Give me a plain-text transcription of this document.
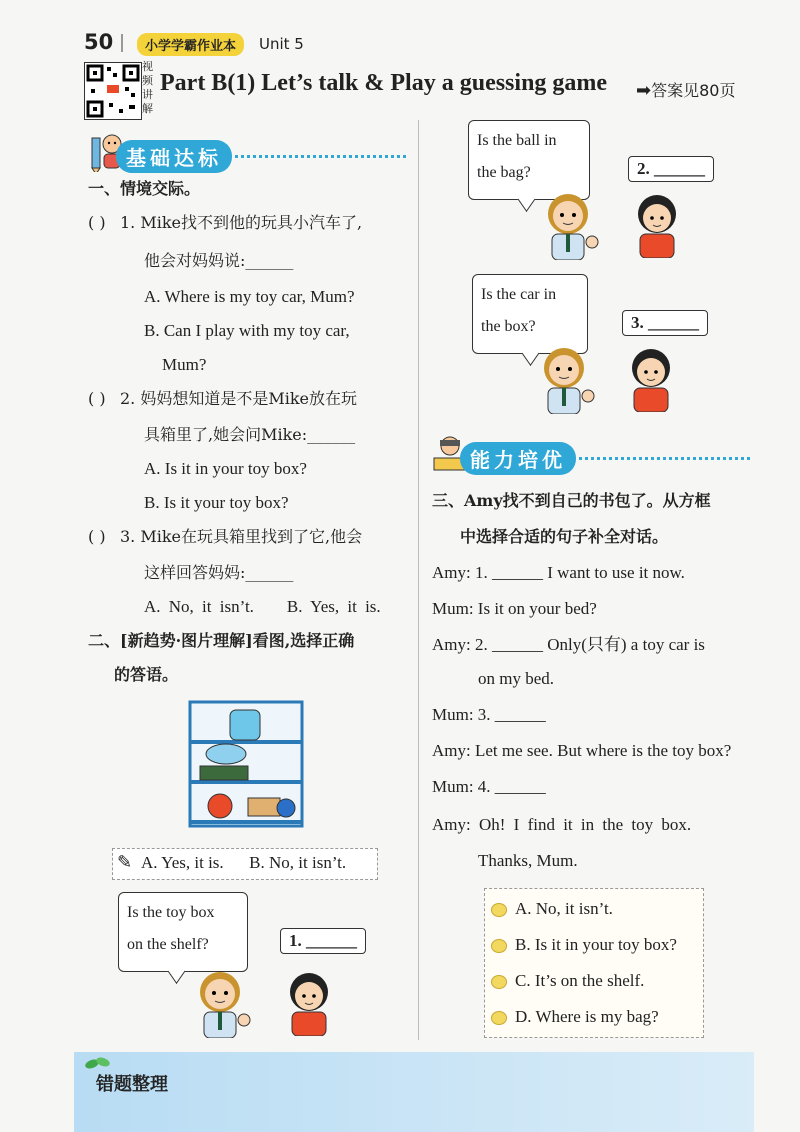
50	小学学霸作业本	Unit 5
视频讲解
Part B(1) Let’s talk & Play a guessing game ➡答案见80页
基础达标
一、情境交际。
( ) 1. Mike找不到他的玩具小汽车了,
他会对妈妈说:______
A. Where is my toy car, Mum?
B. Can I play with my toy car,
Mum?
( ) 2. 妈妈想知道是不是Mike放在玩
具箱里了,她会问Mike:______
A. Is it in your toy box?
B. Is it your toy box?
( ) 3. Mike在玩具箱里找到了它,他会
这样回答妈妈:______
A. No, it isn’t. B. Yes, it is.
二、[新趋势·图片理解]看图,选择正确
的答语。
✎ A. Yes, it is.      B. No, it isn’t.
Is the toy box
on the shelf?	1. ______
Is the ball in
the bag?	2. ______
Is the car in
the box?	3. ______
能力培优
三、Amy找不到自己的书包了。从方框
中选择合适的句子补全对话。
Amy: 1. ______ I want to use it now.
Mum: Is it on your bed?
Amy: 2. ______ Only(只有) a toy car is
on my bed.
Mum: 3. ______
Amy: Let me see. But where is the toy box?
Mum: 4. ______
Amy: Oh! I find it in the toy box.
Thanks, Mum.
A. No, it isn’t.
B. Is it in your toy box?
C. It’s on the shelf.
D. Where is my bag?
错题整理
